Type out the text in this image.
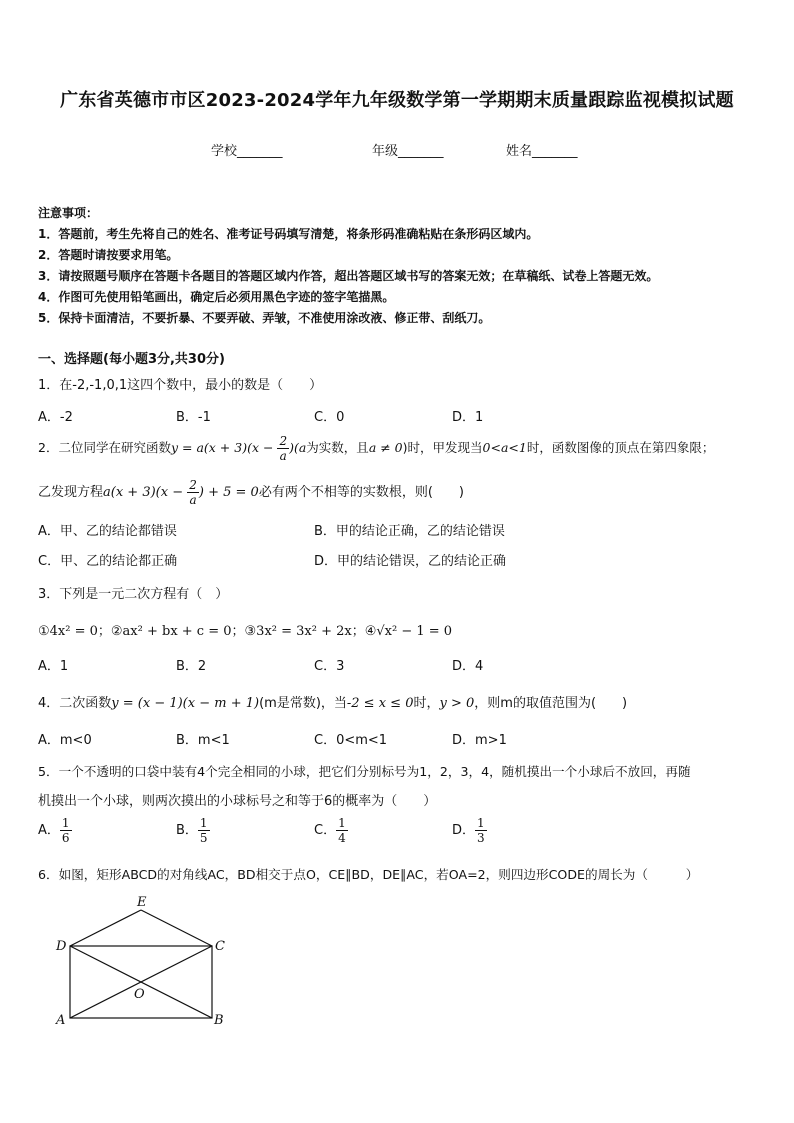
广东省英德市市区2023-2024学年九年级数学第一学期期末质量跟踪监视模拟试题
学校_______	年级_______	姓名_______
注意事项：
1．答题前，考生先将自己的姓名、准考证号码填写清楚，将条形码准确粘贴在条形码区域内。
2．答题时请按要求用笔。
3．请按照题号顺序在答题卡各题目的答题区域内作答，超出答题区域书写的答案无效；在草稿纸、试卷上答题无效。
4．作图可先使用铅笔画出，确定后必须用黑色字迹的签字笔描黑。
5．保持卡面清洁，不要折暴、不要弄破、弄皱，不准使用涂改液、修正带、刮纸刀。
一、选择题(每小题3分,共30分)
1．在-2,-1,0,1这四个数中，最小的数是（　　）
A．-2	B．-1	C．0	D．1
2．二位同学在研究函数$y = a(x + 3)(x - \frac{2}{a} )(a$为实数，且a ≠ 0)时，甲发现当0<a<1时，函数图像的顶点在第四象限；
乙发现方程$a(x + 3)(x - \frac{2}{a}$ ) + 5 = 0必有两个不相等的实数根，则(　　)
A．甲、乙的结论都错误	B．甲的结论正确，乙的结论错误
C．甲、乙的结论都正确	D．甲的结论错误，乙的结论正确
3．下列是一元二次方程有（　）
①4x² = 0；②ax² + bx + c = 0；③3x² = 3x² + 2x；④√x² − 1 = 0
A．1	B．2	C．3	D．4
4．二次函数y = (x − 1)(x − m + 1)(m是常数)，当-2 ≤ x ≤ 0时，y > 0，则m的取值范围为(　　)
A．m<0	B．m<1	C．0<m<1	D．m>1
5．一个不透明的口袋中装有4个完全相同的小球，把它们分别标号为1，2，3，4，随机摸出一个小球后不放回，再随
机摸出一个小球，则两次摸出的小球标号之和等于6的概率为（　　）
A． $\frac{1}{6}$	B． $\frac{1}{5}$	C． $\frac{1}{4}$	D． $\frac{1}{3}$
6．如图，矩形ABCD的对角线AC，BD相交于点O，CE∥BD，DE∥AC，若OA=2，则四边形CODE的周长为（　　　）
E
D	C
O
A	B
